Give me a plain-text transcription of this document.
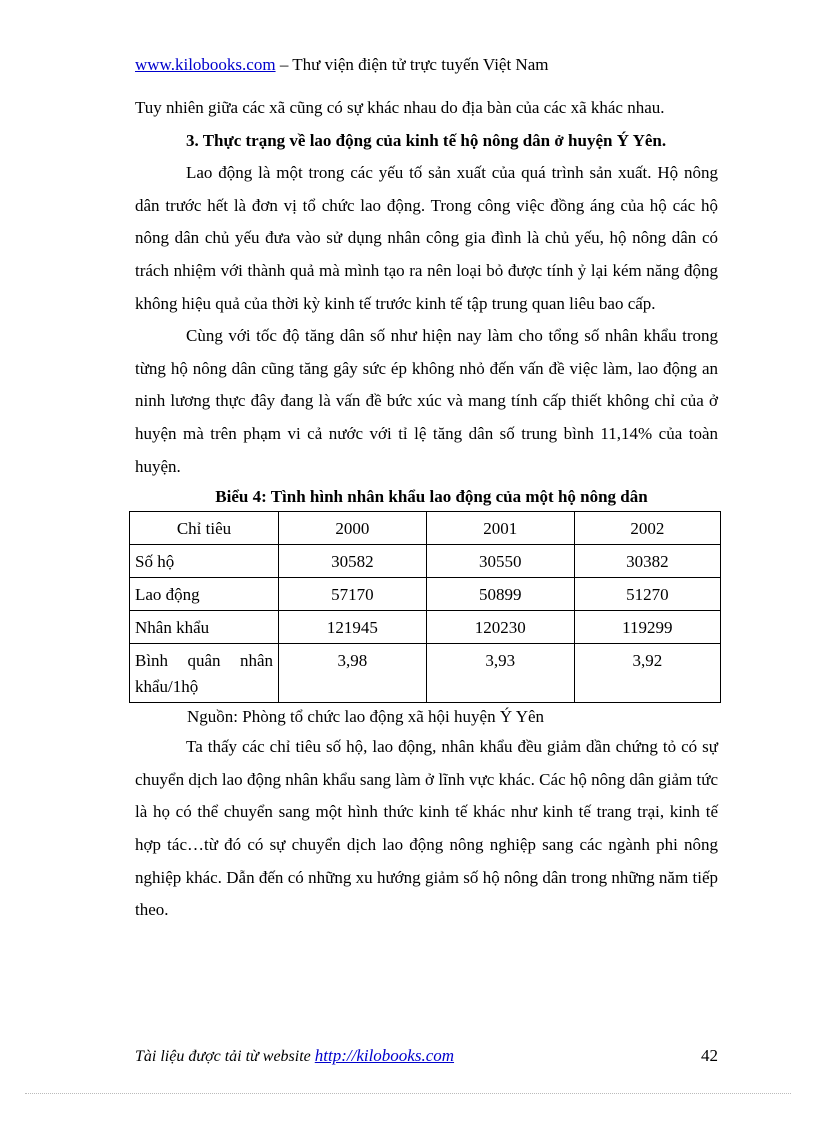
www.kilobooks.com – Thư viện điện tử trực tuyến Việt Nam

Tuy nhiên giữa các xã cũng có sự khác nhau do địa bàn của các xã khác nhau.

3. Thực trạng về lao động của kinh tế hộ nông dân ở huyện Ý Yên.

Lao động là một trong các yếu tố sản xuất của quá trình sản xuất. Hộ nông dân trước hết là đơn vị tổ chức lao động. Trong công việc đồng áng của hộ các hộ nông dân chủ yếu đưa vào sử dụng nhân công gia đình là chủ yếu, hộ nông dân có trách nhiệm với thành quả mà mình tạo ra nên loại bỏ được tính ỷ lại kém năng động không hiệu quả của thời kỳ kinh tế trước kinh tế tập trung quan liêu bao cấp.

Cùng với tốc độ tăng dân số như hiện nay làm cho tổng số nhân khẩu trong từng hộ nông dân cũng tăng gây sức ép không nhỏ đến vấn đề việc làm, lao động an ninh lương thực đây đang là vấn đề bức xúc và mang tính cấp thiết không chỉ của ở huyện mà trên phạm vi cả nước với tỉ lệ tăng dân số trung bình 11,14% của toàn huyện.

Biểu 4: Tình hình nhân khẩu lao động của một hộ nông dân
Chỉ tiêu	2000	2001	2002
Số hộ	30582	30550	30382
Lao động	57170	50899	51270
Nhân khẩu	121945	120230	119299
Bình quân nhân khẩu/1hộ	3,98	3,93	3,92
Nguồn: Phòng tổ chức lao động xã hội huyện Ý Yên

Ta thấy các chỉ tiêu số hộ, lao động, nhân khẩu đều giảm dần chứng tỏ có sự chuyển dịch lao động nhân khẩu sang làm ở lĩnh vực khác. Các hộ nông dân giảm tức là họ có thể chuyển sang một hình thức kinh tế khác như kinh tế trang trại, kinh tế hợp tác…từ đó có sự chuyển dịch lao động nông nghiệp sang các ngành phi nông nghiệp khác. Dẫn đến có những xu hướng giảm số hộ nông dân trong những năm tiếp theo.

Tài liệu được tải từ website http://kilobooks.com	42
